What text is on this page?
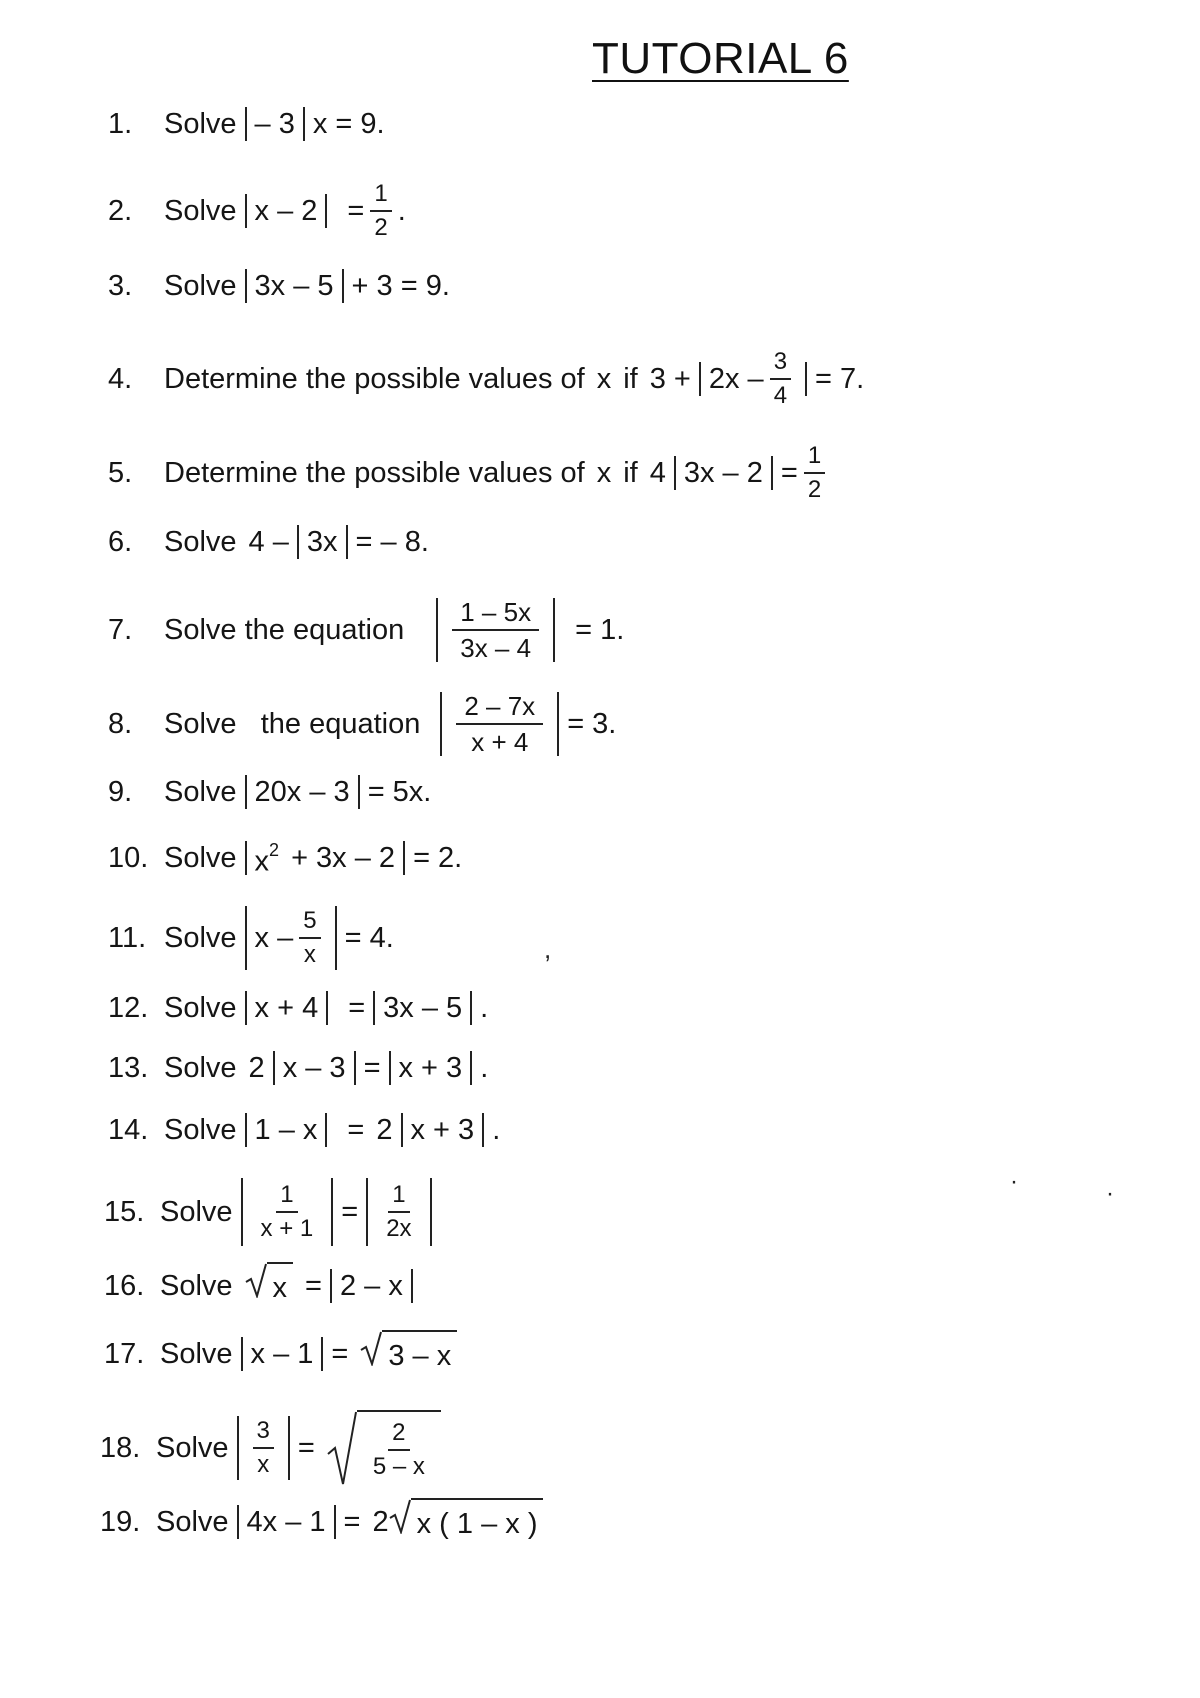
TUTORIAL 6
1.	Solve – 3 x = 9.
2.	Solve $x - 2 = \frac{1}{2}$ .
3.	Solve 3x – 5 + 3 = 9.
4.	Determine the possible values of x if $3 + 2x - \frac{3}{4} = 7$.
5.	Determine the possible values of x if 4 $3x - 2 = \frac{1}{2}$
6.	Solve 4 – 3x = – 8.
7.	Solve the equation $\frac{1 - 5x}{3x - 4} = 1$.
8.	Solve   the equation $\frac{2 - 7x}{x + 4} = 3$.
9.	Solve 20x – 3 = 5x.
10. Solve $x^2 + 3x - 2 = 2$.
11. Solve $x - \frac{5}{x} = 4$.	,
12. Solve x + 4 = 3x – 5 .
13. Solve 2 x – 3 = x + 3 .
14. Solve 1 – x = 2 x + 3 .
15. Solve $\frac{1}{x + 1} = \frac{1}{2x}$
·	·
16. Solve x = 2 – x
17. Solve x – 1 = 3 – x
18. Solve $\frac{3}{x} = \frac{2}{5 - x}$
19. Solve 4x – 1 = 2 x ( 1 – x )
